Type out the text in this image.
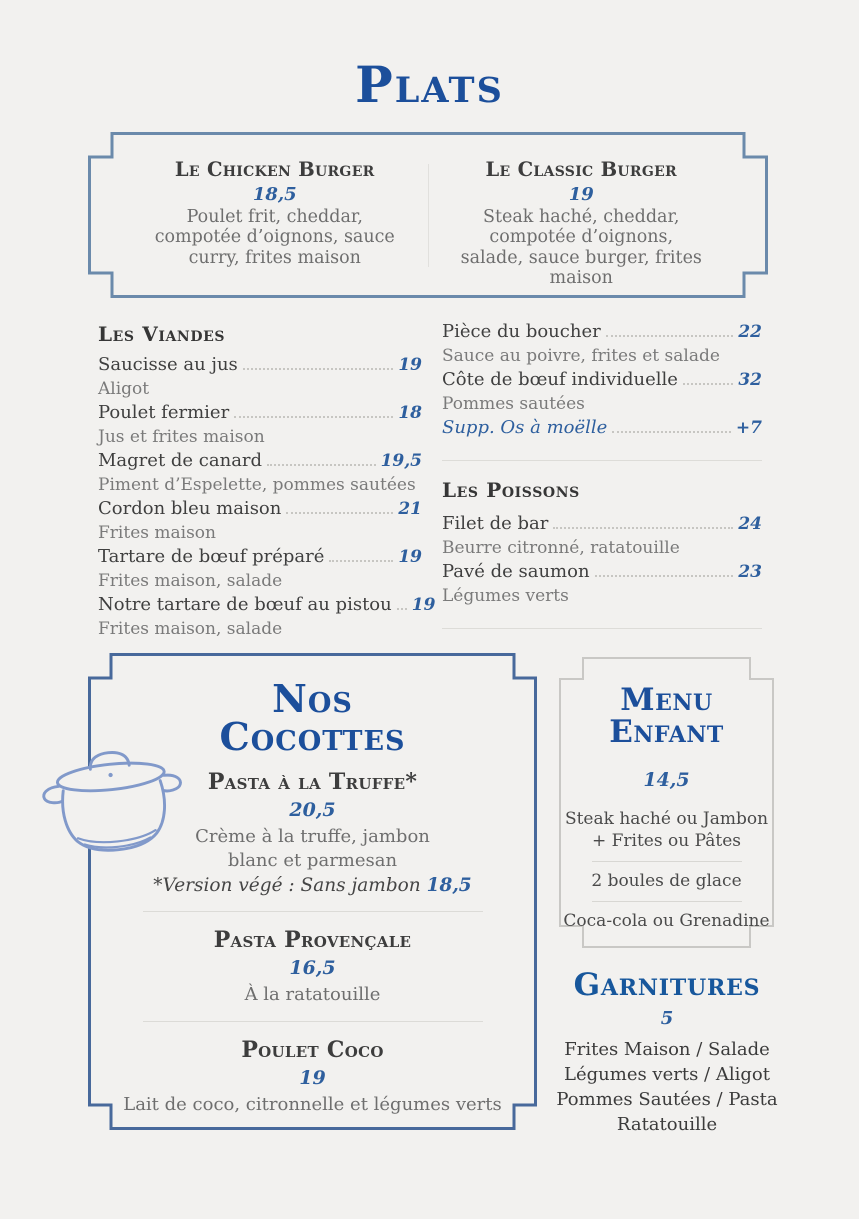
Plats
Le Chicken Burger
18,5
Poulet frit, cheddar, compotée d’oignons, sauce curry, frites maison
Le Classic Burger
19
Steak haché, cheddar, compotée d’oignons, salade, sauce burger, frites maison
Les Viandes
Saucisse au jus	19
Aligot
Poulet fermier	18
Jus et frites maison
Magret de canard	19,5
Piment d’Espelette, pommes sautées
Cordon bleu maison	21
Frites maison
Tartare de bœuf préparé	19
Frites maison, salade
Notre tartare de bœuf au pistou 19
Frites maison, salade
Pièce du boucher	22
Sauce au poivre, frites et salade
Côte de bœuf individuelle	32
Pommes sautées
Supp. Os à moëlle	+7
Les Poissons
Filet de bar	24
Beurre citronné, ratatouille
Pavé de saumon	23
Légumes verts
Nos
Cocottes
Pasta à la Truffe*
20,5
Crème à la truffe, jambon blanc et parmesan
*Version végé : Sans jambon 18,5
Pasta Provençale
16,5
À la ratatouille
Poulet Coco
19
Lait de coco, citronnelle et légumes verts
Menu
Enfant
14,5
Steak haché ou Jambon
+ Frites ou Pâtes
2 boules de glace
Coca-cola ou Grenadine
Garnitures
5
Frites Maison / Salade
Légumes verts / Aligot
Pommes Sautées / Pasta
Ratatouille
